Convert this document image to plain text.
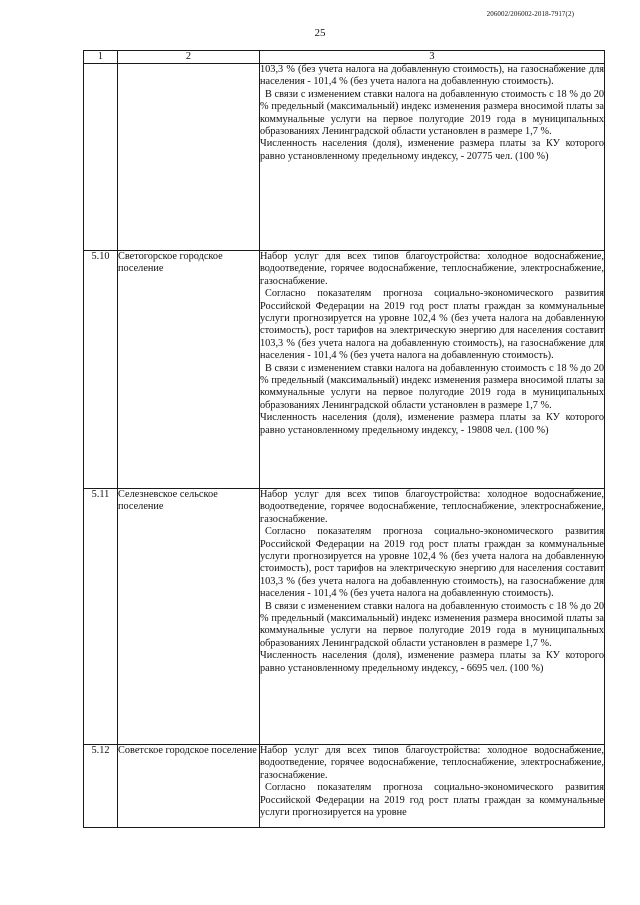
206002/206002-2018-7917(2)
25
1	2	3

		103,3 % (без учета налога на добавленную стоимость), на газоснабжение для населения - 101,4 % (без учета налога на добавленную стоимость).

В связи с изменением ставки налога на добавленную стоимость с 18 % до 20 % предельный (максимальный) индекс изменения размера вносимой платы за коммунальные услуги на первое полугодие 2019 года в муниципальных образованиях Ленинградской области установлен в размере 1,7 %.

Численность населения (доля), изменение размера платы за КУ которого равно установленному предельному индексу, - 20775 чел. (100 %)

5.10	Светогорское городское поселение	Набор услуг для всех типов благоустройства: холодное водоснабжение, водоотведение, горячее водоснабжение, теплоснабжение, электроснабжение, газоснабжение.

Согласно показателям прогноза социально-экономического развития Российской Федерации на 2019 год рост платы граждан за коммунальные услуги прогнозируется на уровне 102,4 % (без учета налога на добавленную стоимость), рост тарифов на электрическую энергию для населения составит 103,3 % (без учета налога на добавленную стоимость), на газоснабжение для населения - 101,4 % (без учета налога на добавленную стоимость).

В связи с изменением ставки налога на добавленную стоимость с 18 % до 20 % предельный (максимальный) индекс изменения размера вносимой платы за коммунальные услуги на первое полугодие 2019 года в муниципальных образованиях Ленинградской области установлен в размере 1,7 %.

Численность населения (доля), изменение размера платы за КУ которого равно установленному предельному индексу, - 19808 чел. (100 %)

5.11	Селезневское сельское поселение	Набор услуг для всех типов благоустройства: холодное водоснабжение, водоотведение, горячее водоснабжение, теплоснабжение, электроснабжение, газоснабжение.

Согласно показателям прогноза социально-экономического развития Российской Федерации на 2019 год рост платы граждан за коммунальные услуги прогнозируется на уровне 102,4 % (без учета налога на добавленную стоимость), рост тарифов на электрическую энергию для населения составит 103,3 % (без учета налога на добавленную стоимость), на газоснабжение для населения - 101,4 % (без учета налога на добавленную стоимость).

В связи с изменением ставки налога на добавленную стоимость с 18 % до 20 % предельный (максимальный) индекс изменения размера вносимой платы за коммунальные услуги на первое полугодие 2019 года в муниципальных образованиях Ленинградской области установлен в размере 1,7 %.

Численность населения (доля), изменение размера платы за КУ которого равно установленному предельному индексу, - 6695 чел. (100 %)

5.12	Советское городское поселение	Набор услуг для всех типов благоустройства: холодное водоснабжение, водоотведение, горячее водоснабжение, теплоснабжение, электроснабжение, газоснабжение.

Согласно показателям прогноза социально-экономического развития Российской Федерации на 2019 год рост платы граждан за коммунальные услуги прогнозируется на уровне
